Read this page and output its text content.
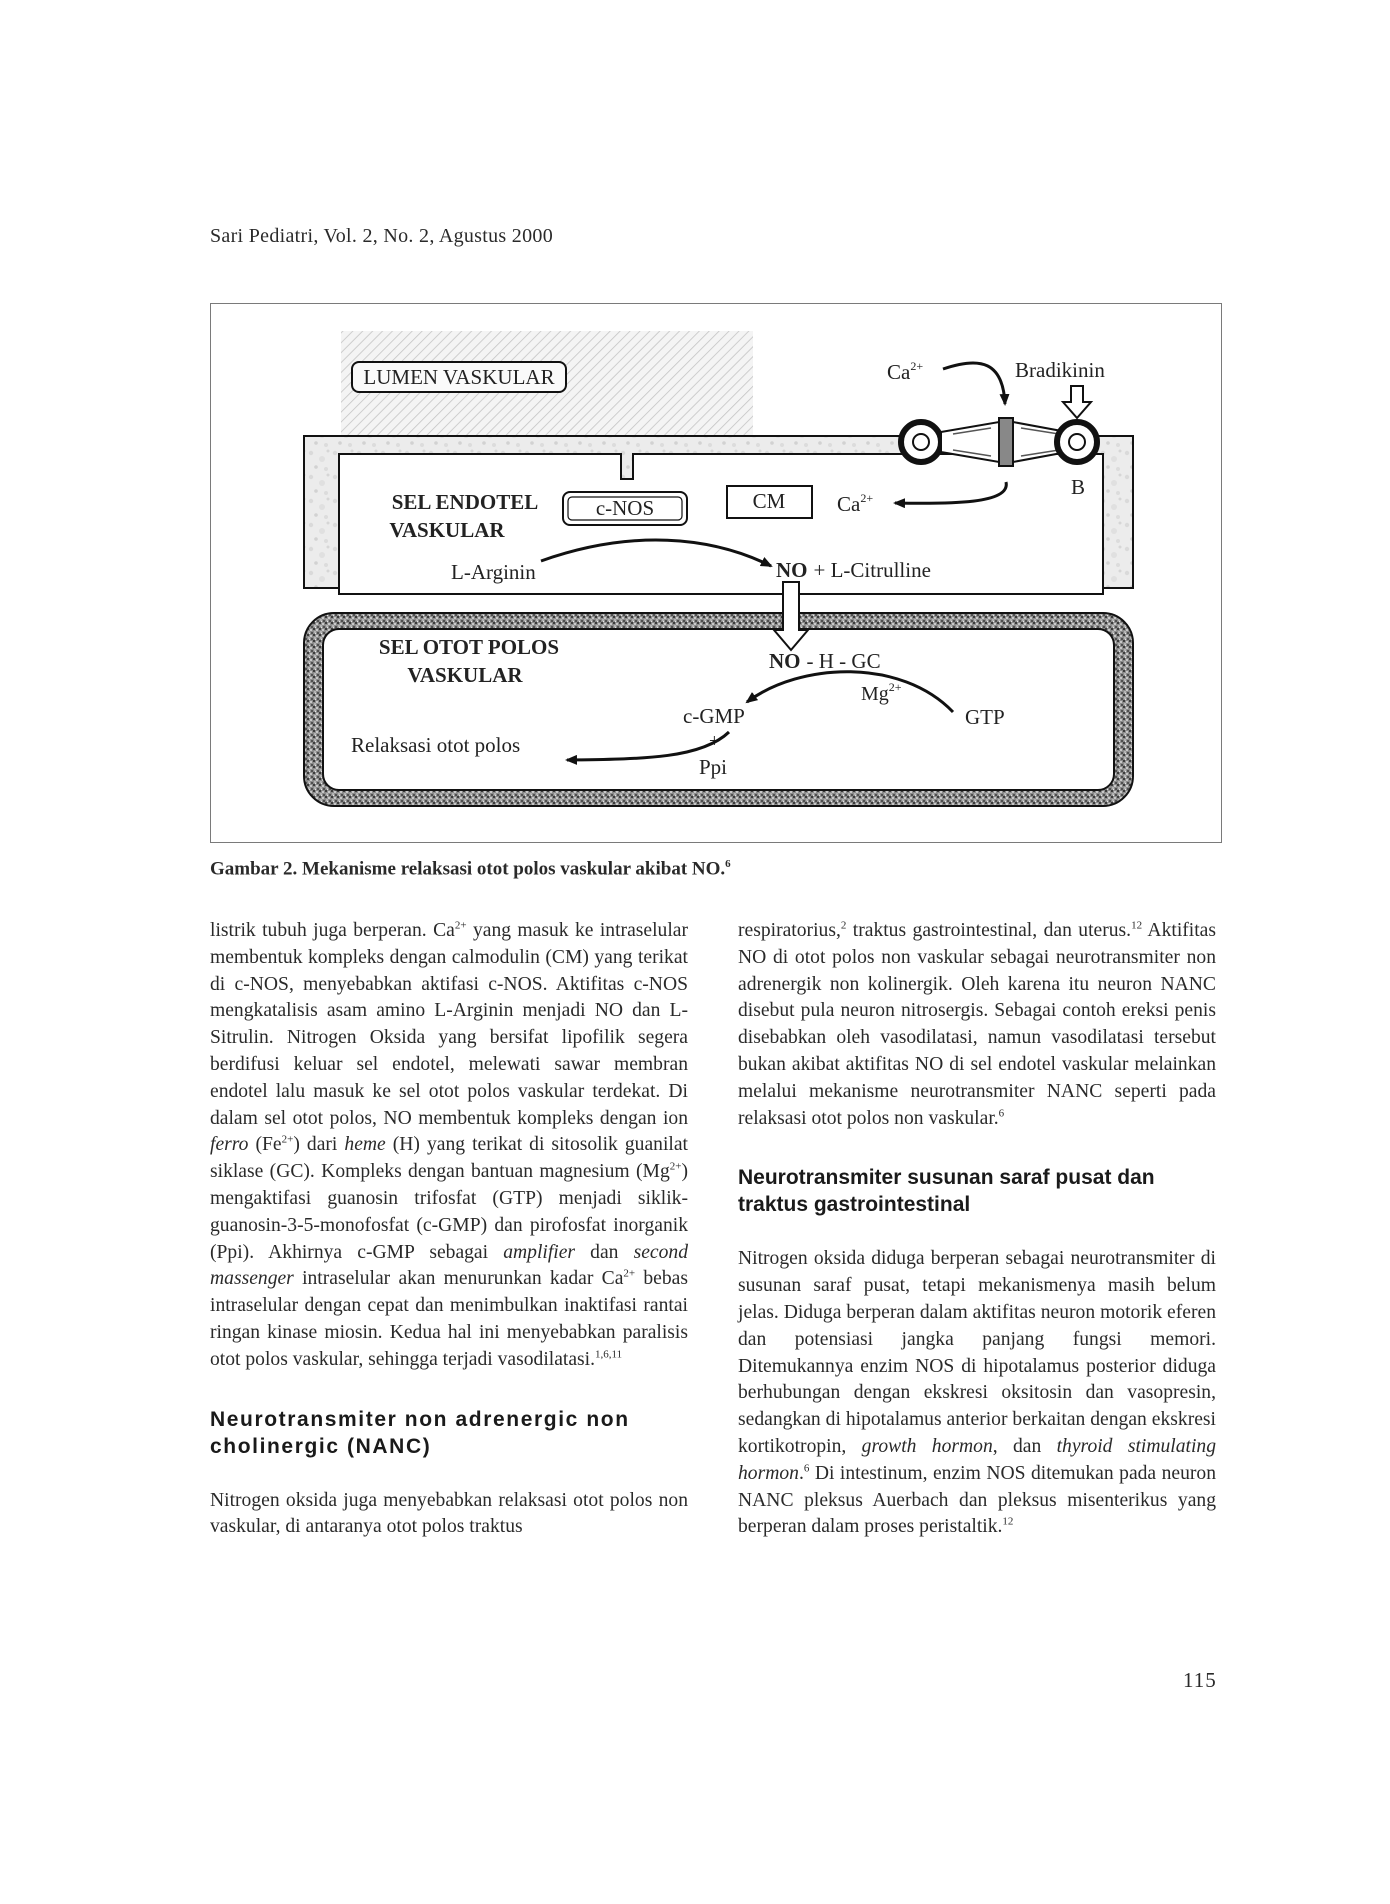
Sari Pediatri, Vol. 2, No. 2, Agustus 2000
LUMEN VASKULAR
SEL ENDOTEL
VASKULAR
c-NOS	CM $Ca^{2+}$
L-Arginin	NO + L-Citrulline
$Ca^{2+}$	Bradikinin
B
SEL OTOT POLOS
VASKULAR
NO - H - GC
$Mg^{2+}$
GTP
c-GMP
+
Ppi
Relaksasi otot polos
Gambar 2. Mekanisme relaksasi otot polos vaskular akibat NO.$^6$

listrik tubuh juga berperan. $Ca^{2+}$ yang masuk ke intraselular membentuk kompleks dengan calmodulin (CM) yang terikat di c-NOS, menyebabkan aktifasi c-NOS. Aktifitas c-NOS mengkatalisis asam amino L-Arginin menjadi NO dan L-Sitrulin. Nitrogen Oksida yang bersifat lipofilik segera berdifusi keluar sel endotel, melewati sawar membran endotel lalu masuk ke sel otot polos vaskular terdekat. Di dalam sel otot polos, NO membentuk kompleks dengan ion ferro $(Fe^{2+})$ dari heme (H) yang terikat di sitosolik guanilat siklase (GC). Kompleks dengan bantuan magnesium $(Mg^{2+})$ mengaktifasi guanosin trifosfat (GTP) menjadi siklik-guanosin-3-5-monofosfat (c-GMP) dan pirofosfat inorganik (Ppi). Akhirnya c-GMP sebagai amplifier dan second massenger intraselular akan menurunkan kadar $Ca^{2+}$ bebas intraselular dengan cepat dan menimbulkan inaktifasi rantai ringan kinase miosin. Kedua hal ini menyebabkan paralisis otot polos vaskular, sehingga terjadi vasodilatasi.$^{1,6,11}$

Neurotransmiter non adrenergic non cholinergic (NANC)

Nitrogen oksida juga menyebabkan relaksasi otot polos non vaskular, di antaranya otot polos traktus

respiratorius,$^2$ traktus gastrointestinal, dan uterus.$^{12}$ Aktifitas NO di otot polos non vaskular sebagai neurotransmiter non adrenergik non kolinergik. Oleh karena itu neuron NANC disebut pula neuron nitrosergis. Sebagai contoh ereksi penis disebabkan oleh vasodilatasi, namun vasodilatasi tersebut bukan akibat aktifitas NO di sel endotel vaskular melainkan melalui mekanisme neurotransmiter NANC seperti pada relaksasi otot polos non vaskular.$^6$

Neurotransmiter susunan saraf pusat dan traktus gastrointestinal

Nitrogen oksida diduga berperan sebagai neurotransmiter di susunan saraf pusat, tetapi mekanismenya masih belum jelas. Diduga berperan dalam aktifitas neuron motorik eferen dan potensiasi jangka panjang fungsi memori. Ditemukannya enzim NOS di hipotalamus posterior diduga berhubungan dengan ekskresi oksitosin dan vasopresin, sedangkan di hipotalamus anterior berkaitan dengan ekskresi kortikotropin, growth hormon, dan thyroid stimulating hormon.$^6$ Di intestinum, enzim NOS ditemukan pada neuron NANC pleksus Auerbach dan pleksus misenterikus yang berperan dalam proses peristaltik.$^{12}$

115
